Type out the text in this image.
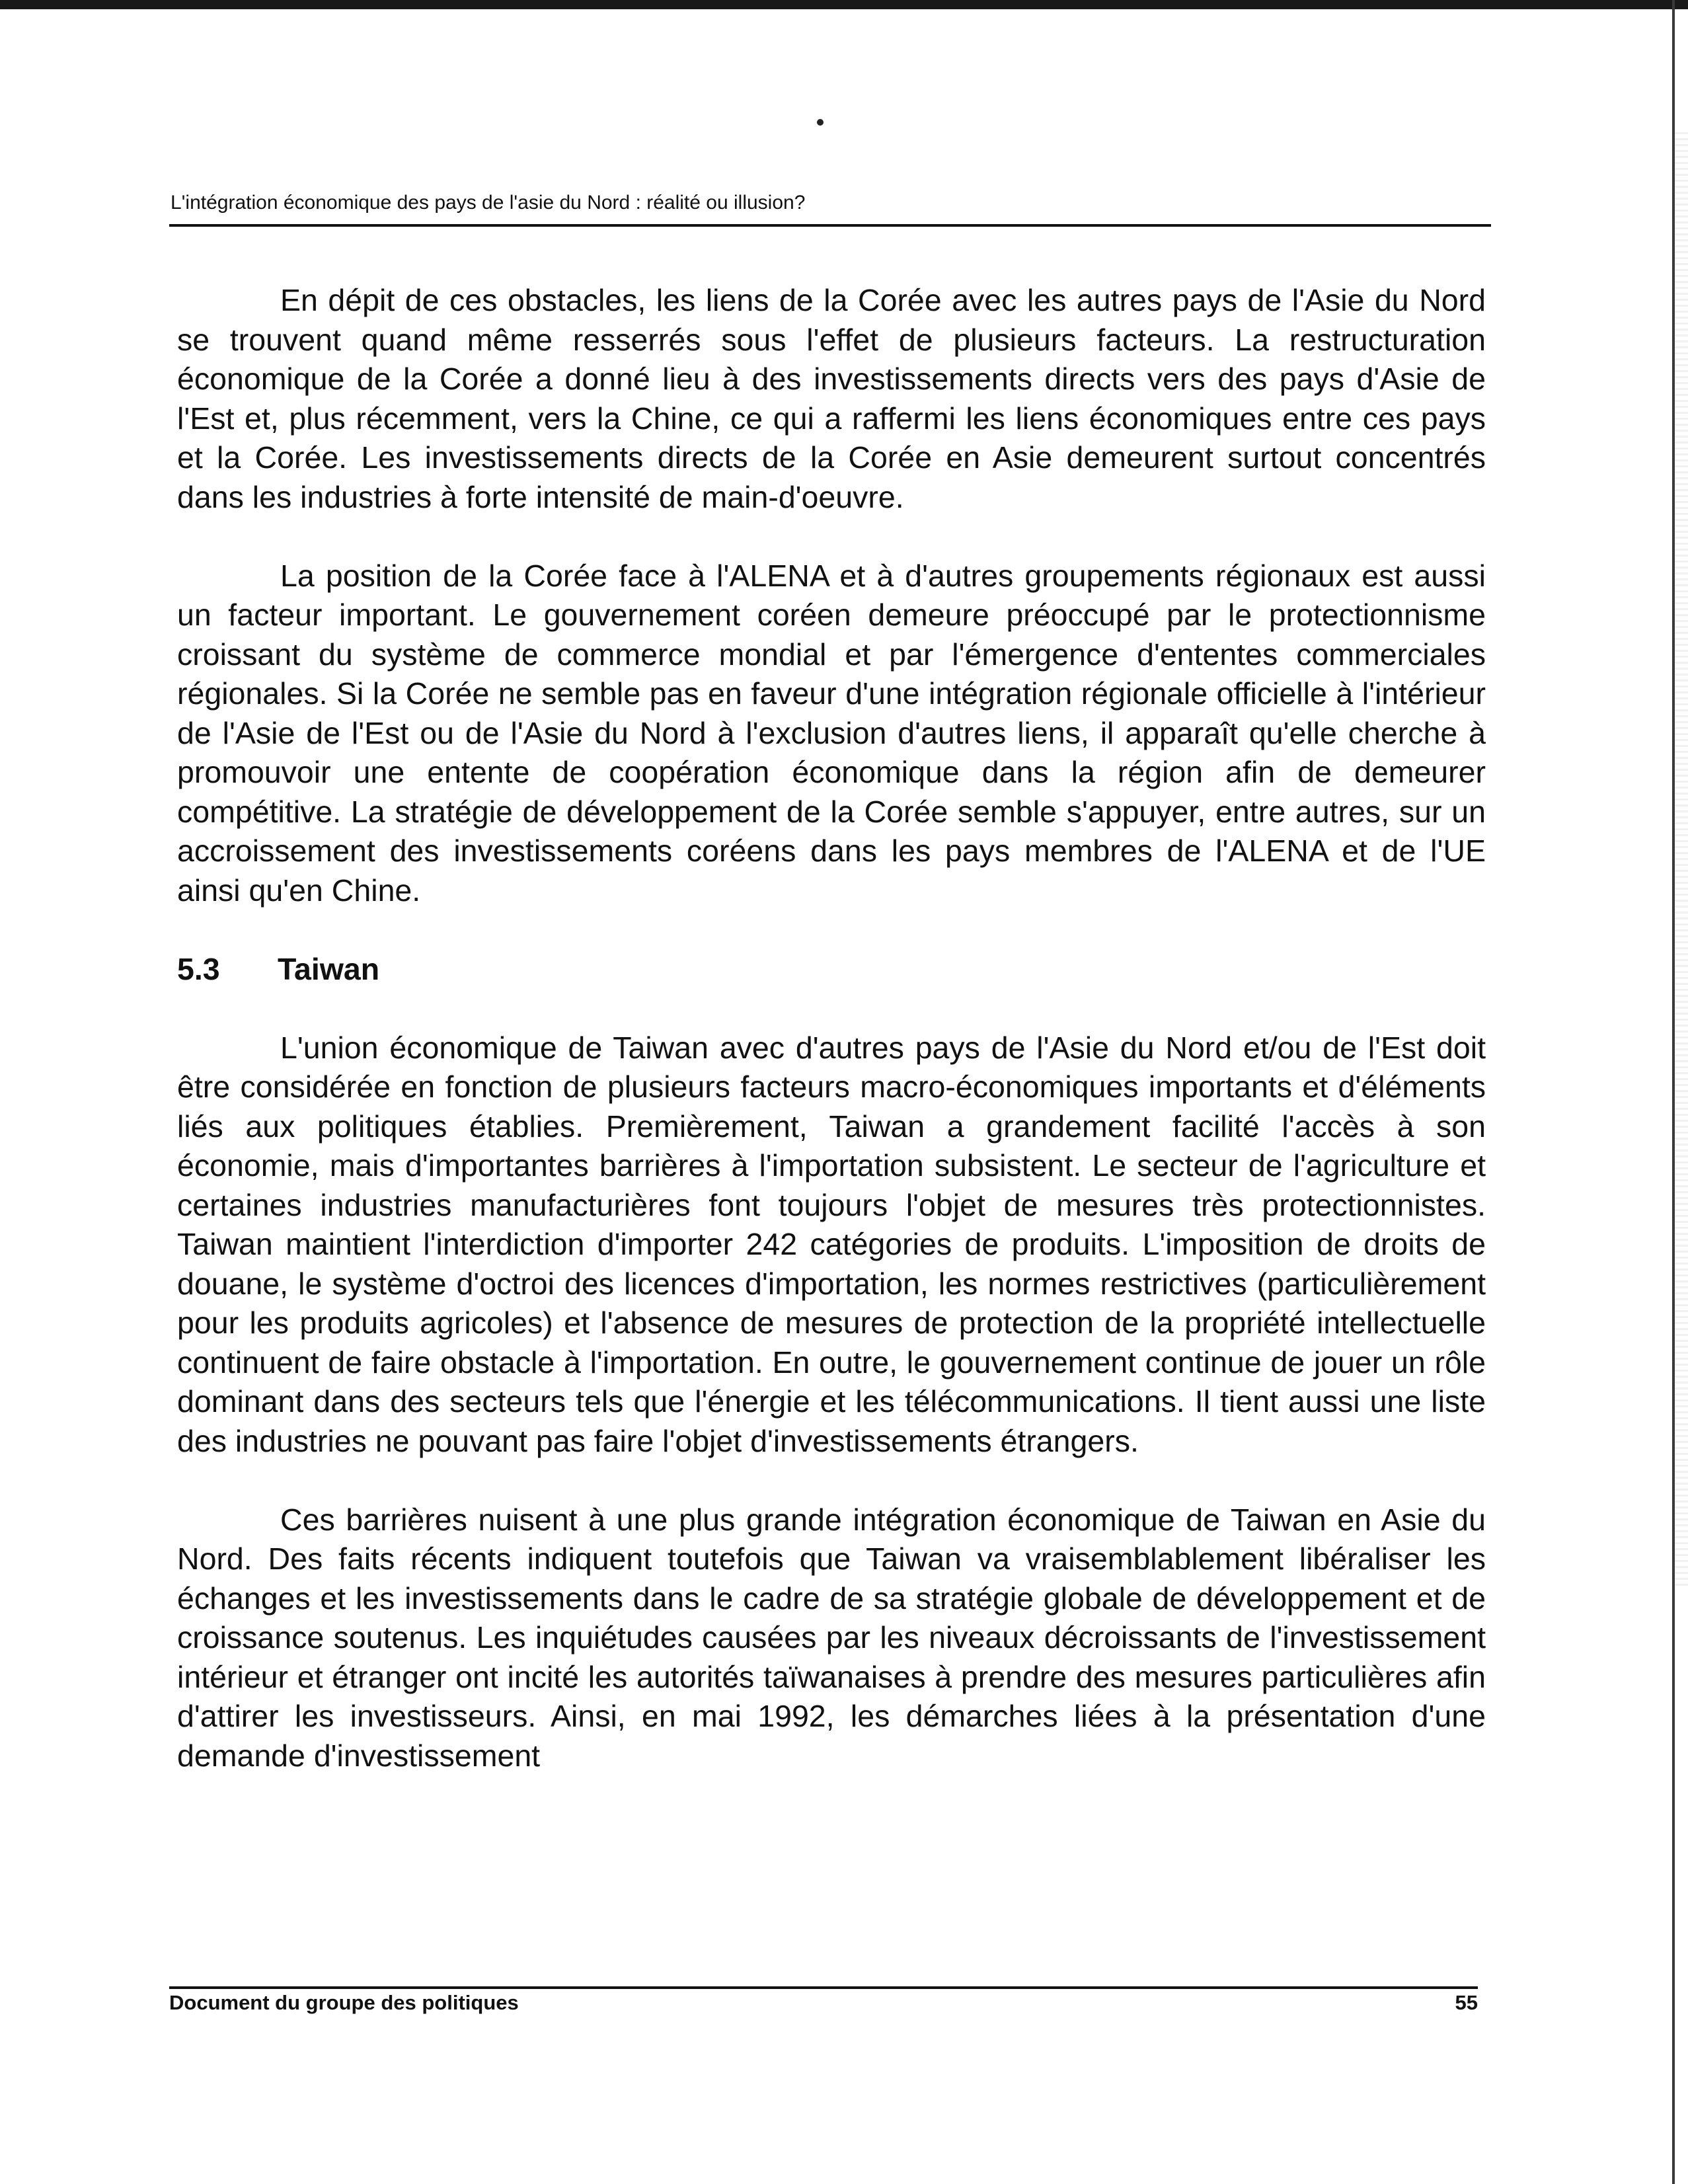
L'intégration économique des pays de l'asie du Nord : réalité ou illusion?

En dépit de ces obstacles, les liens de la Corée avec les autres pays de l'Asie du Nord se trouvent quand même resserrés sous l'effet de plusieurs facteurs. La restructuration économique de la Corée a donné lieu à des investissements directs vers des pays d'Asie de l'Est et, plus récemment, vers la Chine, ce qui a raffermi les liens économiques entre ces pays et la Corée. Les investissements directs de la Corée en Asie demeurent surtout concentrés dans les industries à forte intensité de main-d'oeuvre.

La position de la Corée face à l'ALENA et à d'autres groupements régionaux est aussi un facteur important. Le gouvernement coréen demeure préoccupé par le protectionnisme croissant du système de commerce mondial et par l'émergence d'ententes commerciales régionales. Si la Corée ne semble pas en faveur d'une intégration régionale officielle à l'intérieur de l'Asie de l'Est ou de l'Asie du Nord à l'exclusion d'autres liens, il apparaît qu'elle cherche à promouvoir une entente de coopération économique dans la région afin de demeurer compétitive. La stratégie de développement de la Corée semble s'appuyer, entre autres, sur un accroissement des investissements coréens dans les pays membres de l'ALENA et de l'UE ainsi qu'en Chine.

5.3 Taiwan

L'union économique de Taiwan avec d'autres pays de l'Asie du Nord et/ou de l'Est doit être considérée en fonction de plusieurs facteurs macro-économiques importants et d'éléments liés aux politiques établies. Premièrement, Taiwan a grandement facilité l'accès à son économie, mais d'importantes barrières à l'importation subsistent. Le secteur de l'agriculture et certaines industries manufacturières font toujours l'objet de mesures très protectionnistes. Taiwan maintient l'interdiction d'importer 242 catégories de produits. L'imposition de droits de douane, le système d'octroi des licences d'importation, les normes restrictives (particulièrement pour les produits agricoles) et l'absence de mesures de protection de la propriété intellectuelle continuent de faire obstacle à l'importation. En outre, le gouvernement continue de jouer un rôle dominant dans des secteurs tels que l'énergie et les télécommunications. Il tient aussi une liste des industries ne pouvant pas faire l'objet d'investissements étrangers.

Ces barrières nuisent à une plus grande intégration économique de Taiwan en Asie du Nord. Des faits récents indiquent toutefois que Taiwan va vraisemblablement libéraliser les échanges et les investissements dans le cadre de sa stratégie globale de développement et de croissance soutenus. Les inquiétudes causées par les niveaux décroissants de l'investissement intérieur et étranger ont incité les autorités taïwanaises à prendre des mesures particulières afin d'attirer les investisseurs. Ainsi, en mai 1992, les démarches liées à la présentation d'une demande d'investissement

Document du groupe des politiques	55
